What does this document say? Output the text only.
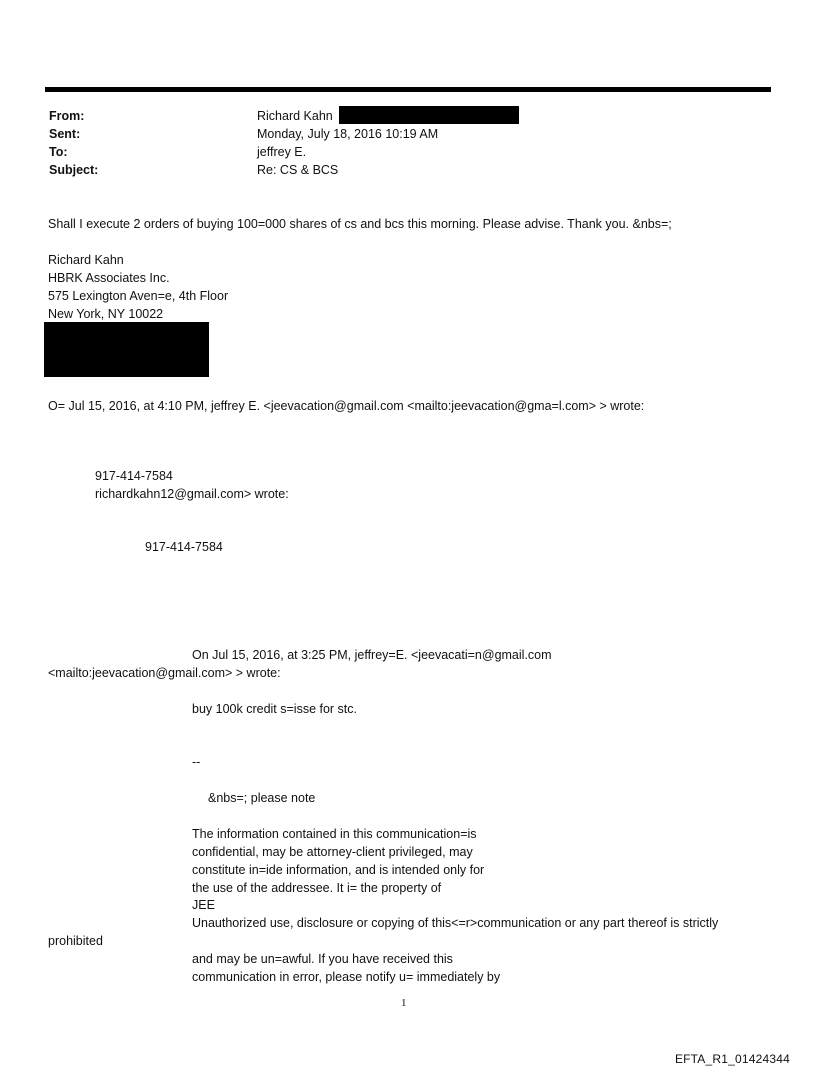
From:	Richard Kahn
Sent:	Monday, July 18, 2016 10:19 AM
To:	jeffrey E.
Subject:	Re: CS & BCS
Shall I execute 2 orders of buying 100=000 shares of cs and bcs this morning. Please advise. Thank you. &nbs=;
Richard Kahn
HBRK Associates Inc.
575 Lexington Aven=e, 4th Floor
New York, NY 10022
O= Jul 15, 2016, at 4:10 PM, jeffrey E. <jeevacation@gmail.com <mailto:jeevacation@gma=l.com> > wrote:
917-414-7584
richardkahn12@gmail.com> wrote:
917-414-7584
On Jul 15, 2016, at 3:25 PM, jeffrey=E. <jeevacati=n@gmail.com
<mailto:jeevacation@gmail.com> > wrote:
buy 100k credit s=isse for stc.
--
&nbs=; please note
The information contained in this communication=is
confidential, may be attorney-client privileged, may
constitute in=ide information, and is intended only for
the use of the addressee. It i= the property of
JEE
Unauthorized use, disclosure or copying of this<=r>communication or any part thereof is strictly
prohibited
and may be un=awful. If you have received this
communication in error, please notify u= immediately by
1
EFTA_R1_01424344
